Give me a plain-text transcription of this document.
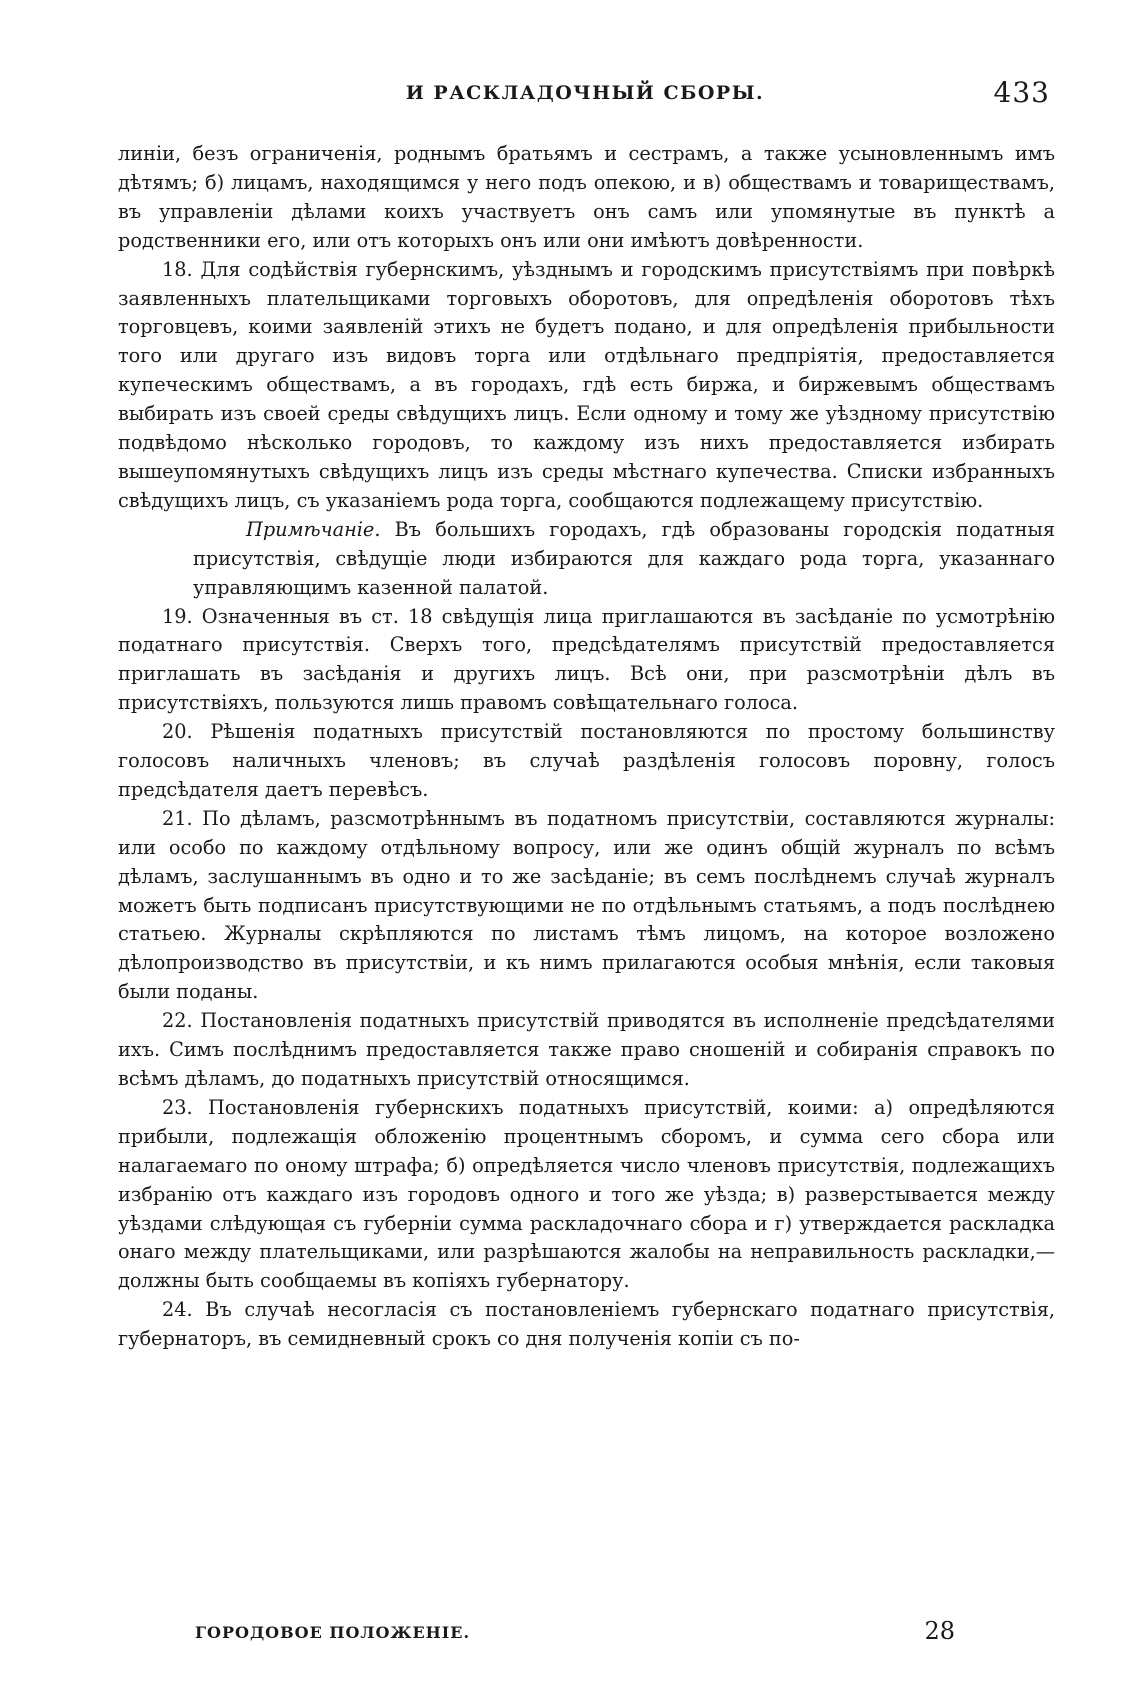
И РАСКЛАДОЧНЫЙ СБОРЫ.	433

линіи, безъ ограниченія, роднымъ братьямъ и сестрамъ, а также усыновленнымъ имъ дѣтямъ; б) лицамъ, находящимся у него подъ опекою, и в) обществамъ и товариществамъ, въ управленіи дѣлами коихъ участвуетъ онъ самъ или упомянутые въ пунктѣ а родственники его, или отъ которыхъ онъ или они имѣютъ довѣренности.

18. Для содѣйствія губернскимъ, уѣзднымъ и городскимъ присутствіямъ при повѣркѣ заявленныхъ плательщиками торговыхъ оборотовъ, для опредѣленія оборотовъ тѣхъ торговцевъ, коими заявленій этихъ не будетъ подано, и для опредѣленія прибыльности того или другаго изъ видовъ торга или отдѣльнаго предпріятія, предоставляется купеческимъ обществамъ, а въ городахъ, гдѣ есть биржа, и биржевымъ обществамъ выбирать изъ своей среды свѣдущихъ лицъ. Если одному и тому же уѣздному присутствію подвѣдомо нѣсколько городовъ, то каждому изъ нихъ предоставляется избирать вышеупомянутыхъ свѣдущихъ лицъ изъ среды мѣстнаго купечества. Списки избранныхъ свѣдущихъ лицъ, съ указаніемъ рода торга, сообщаются подлежащему присутствію.

Примѣчаніе. Въ большихъ городахъ, гдѣ образованы городскія податныя присутствія, свѣдущіе люди избираются для каждаго рода торга, указаннаго управляющимъ казенной палатой.

19. Означенныя въ ст. 18 свѣдущія лица приглашаются въ засѣданіе по усмотрѣнію податнаго присутствія. Сверхъ того, предсѣдателямъ присутствій предоставляется приглашать въ засѣданія и другихъ лицъ. Всѣ они, при разсмотрѣніи дѣлъ въ присутствіяхъ, пользуются лишь правомъ совѣщательнаго голоса.

20. Рѣшенія податныхъ присутствій постановляются по простому большинству голосовъ наличныхъ членовъ; въ случаѣ раздѣленія голосовъ поровну, голосъ предсѣдателя даетъ перевѣсъ.

21. По дѣламъ, разсмотрѣннымъ въ податномъ присутствіи, составляются журналы: или особо по каждому отдѣльному вопросу, или же одинъ общій журналъ по всѣмъ дѣламъ, заслушаннымъ въ одно и то же засѣданіе; въ семъ послѣднемъ случаѣ журналъ можетъ быть подписанъ присутствующими не по отдѣльнымъ статьямъ, а подъ послѣднею статьею. Журналы скрѣпляются по листамъ тѣмъ лицомъ, на которое возложено дѣлопроизводство въ присутствіи, и къ нимъ прилагаются особыя мнѣнія, если таковыя были поданы.

22. Постановленія податныхъ присутствій приводятся въ исполненіе предсѣдателями ихъ. Симъ послѣднимъ предоставляется также право сношеній и собиранія справокъ по всѣмъ дѣламъ, до податныхъ присутствій относящимся.

23. Постановленія губернскихъ податныхъ присутствій, коими: а) опредѣляются прибыли, подлежащія обложенію процентнымъ сборомъ, и сумма сего сбора или налагаемаго по оному штрафа; б) опредѣляется число членовъ присутствія, подлежащихъ избранію отъ каждаго изъ городовъ одного и того же уѣзда; в) разверстывается между уѣздами слѣдующая съ губерніи сумма раскладочнаго сбора и г) утверждается раскладка онаго между плательщиками, или разрѣшаются жалобы на неправильность раскладки,—должны быть сообщаемы въ копіяхъ губернатору.

24. Въ случаѣ несогласія съ постановленіемъ губернскаго податнаго присутствія, губернаторъ, въ семидневный срокъ со дня полученія копіи съ по-

ГОРОДОВОЕ ПОЛОЖЕНІЕ.	28
